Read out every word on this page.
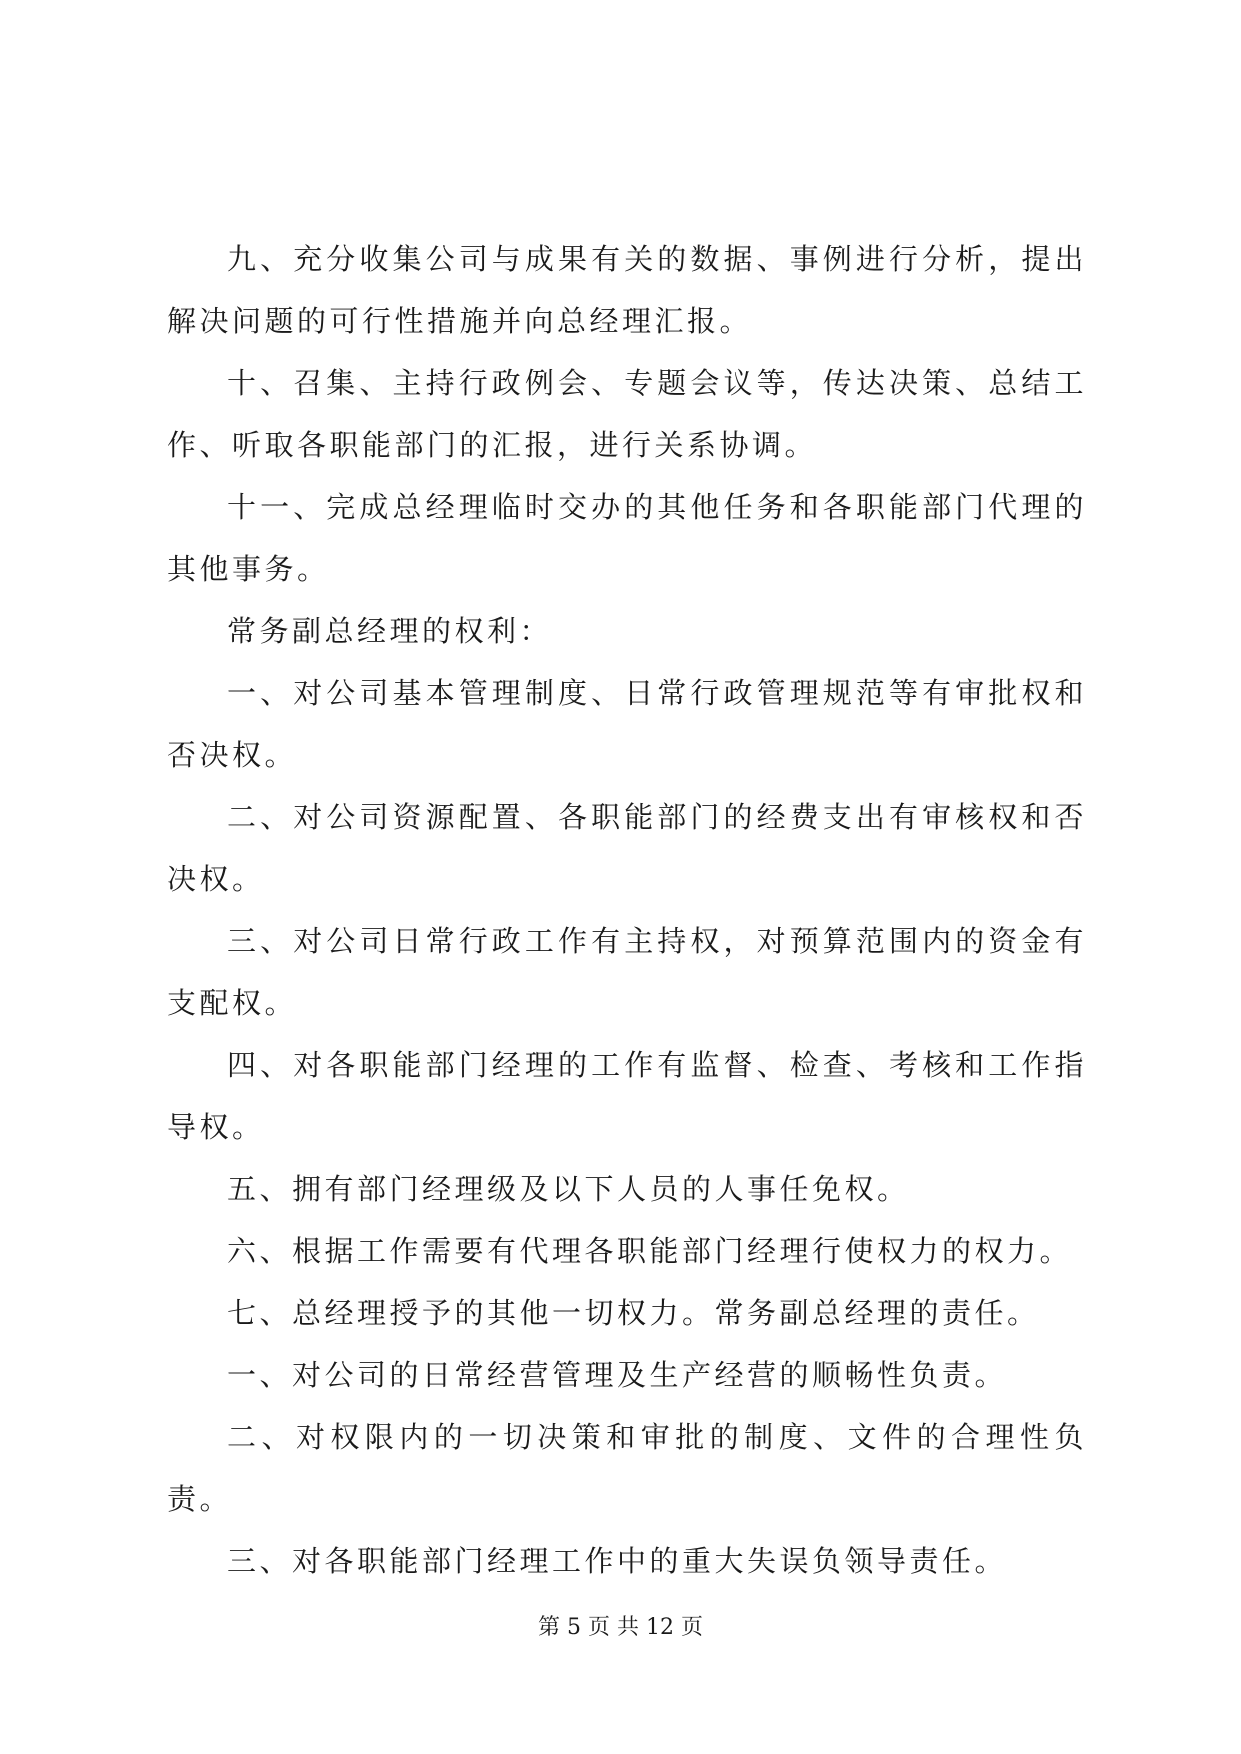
九、充分收集公司与成果有关的数据、事例进行分析，提出解决问题的可行性措施并向总经理汇报。

十、召集、主持行政例会、专题会议等，传达决策、总结工作、听取各职能部门的汇报，进行关系协调。

十一、完成总经理临时交办的其他任务和各职能部门代理的其他事务。

常务副总经理的权利：

一、对公司基本管理制度、日常行政管理规范等有审批权和否决权。

二、对公司资源配置、各职能部门的经费支出有审核权和否决权。

三、对公司日常行政工作有主持权，对预算范围内的资金有支配权。

四、对各职能部门经理的工作有监督、检查、考核和工作指导权。

五、拥有部门经理级及以下人员的人事任免权。

六、根据工作需要有代理各职能部门经理行使权力的权力。

七、总经理授予的其他一切权力。常务副总经理的责任。

一、对公司的日常经营管理及生产经营的顺畅性负责。

二、对权限内的一切决策和审批的制度、文件的合理性负责。

三、对各职能部门经理工作中的重大失误负领导责任。

第 5 页 共 12 页
